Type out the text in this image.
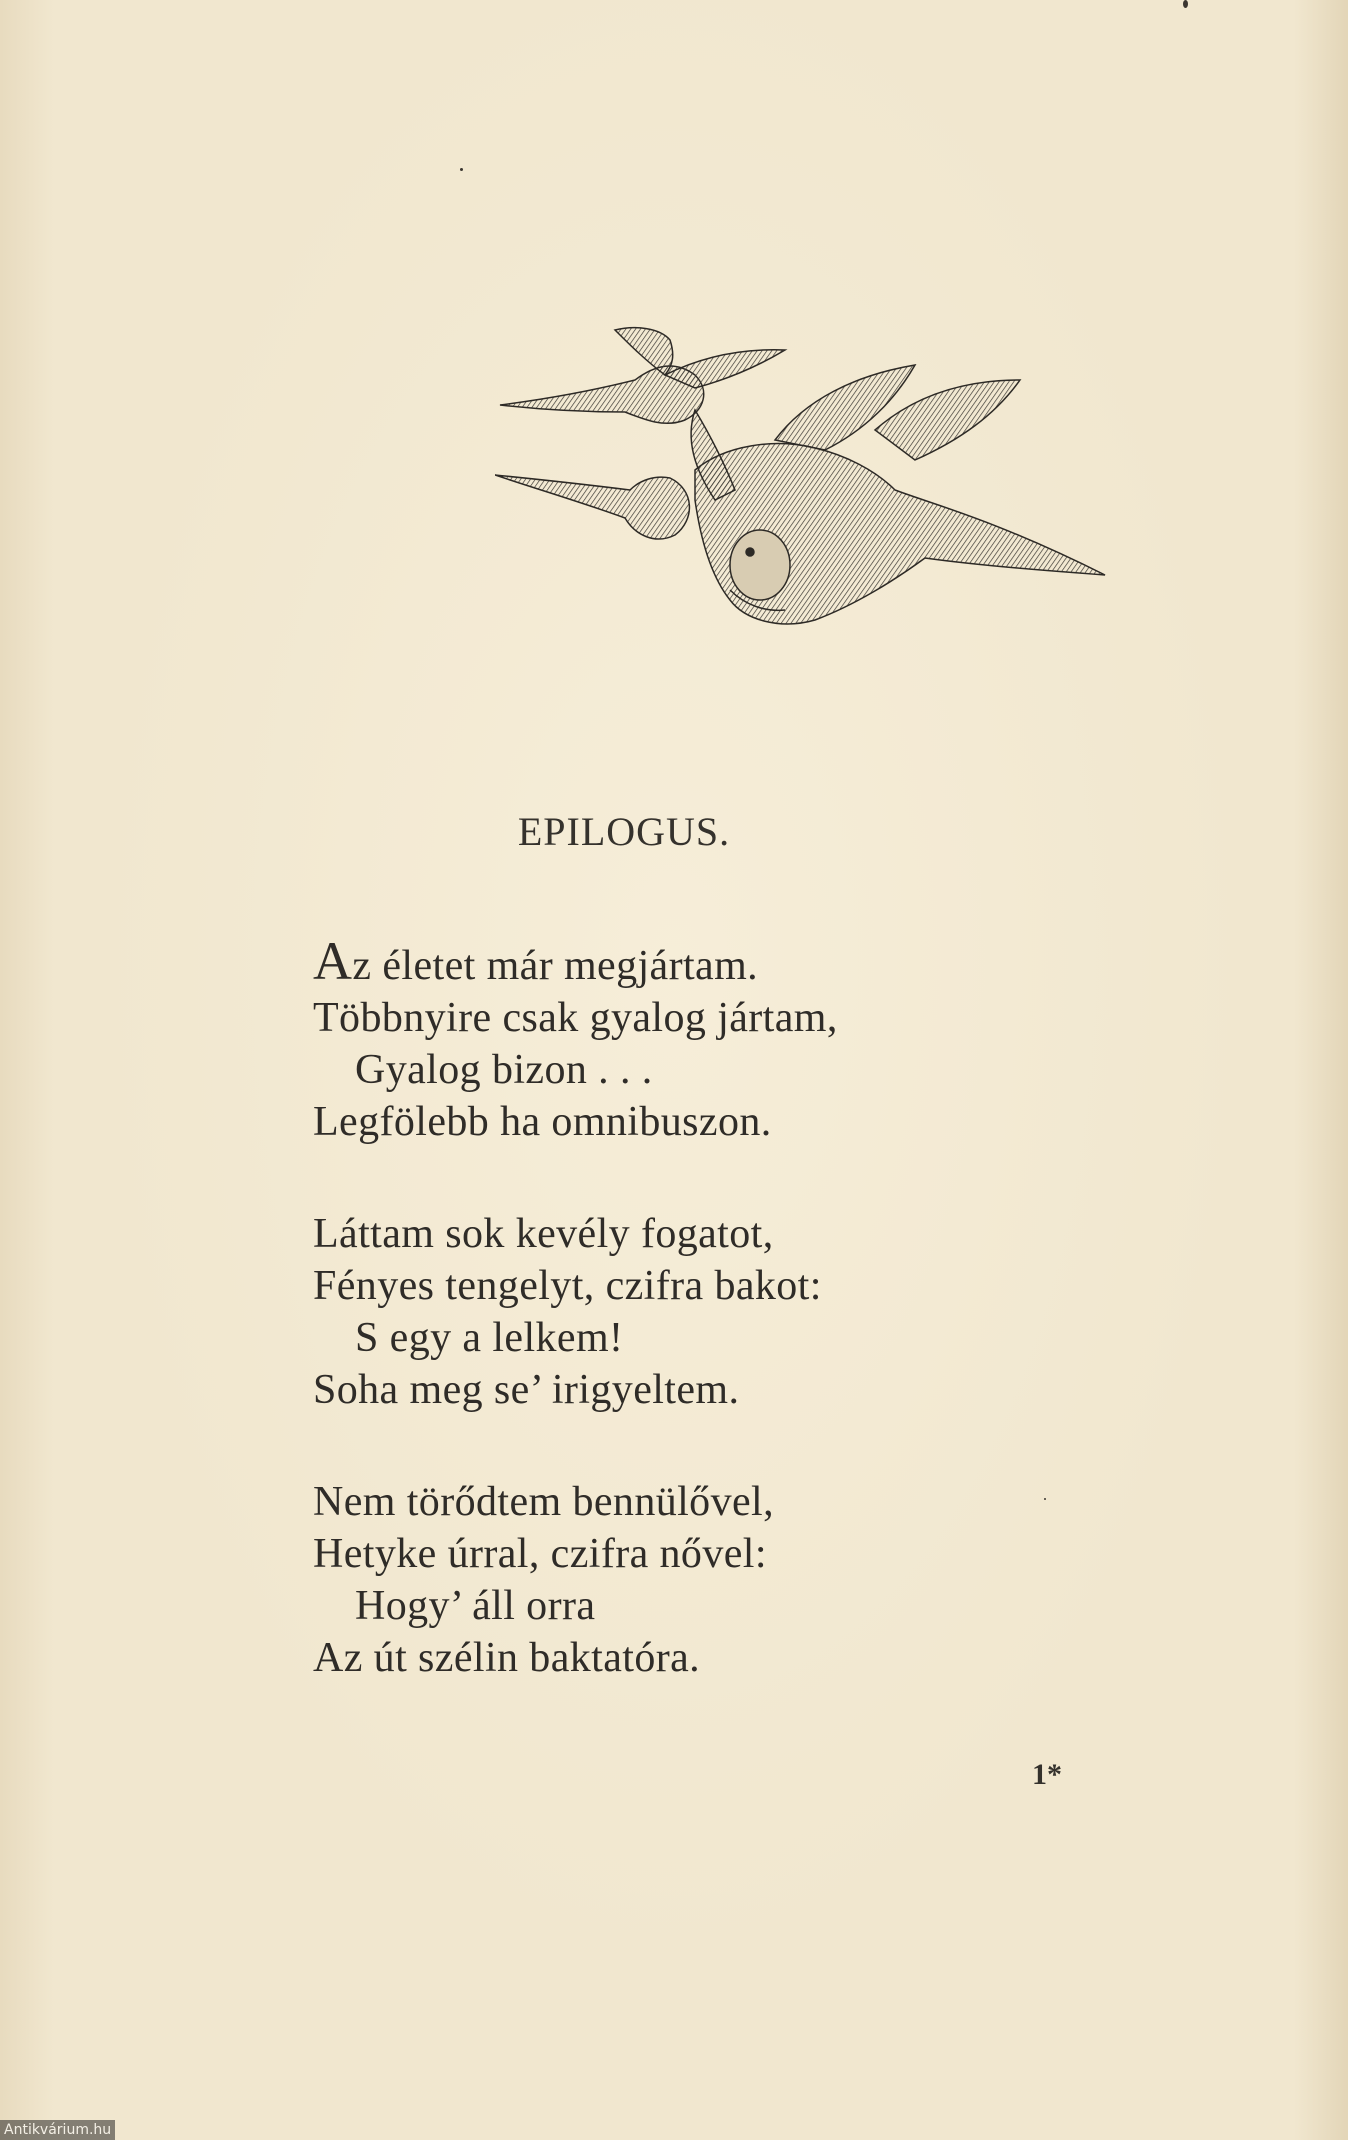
EPILOGUS.
Az életet már megjártam.
Többnyire csak gyalog jártam,
Gyalog bizon . . .
Legfölebb ha omnibuszon.
Láttam sok kevély fogatot,
Fényes tengelyt, czifra bakot:
S egy a lelkem!
Soha meg se’ irigyeltem.
Nem törődtem bennülővel,
Hetyke úrral, czifra nővel:
Hogy’ áll orra
Az út szélin baktatóra.
1*
Antikvárium.hu
